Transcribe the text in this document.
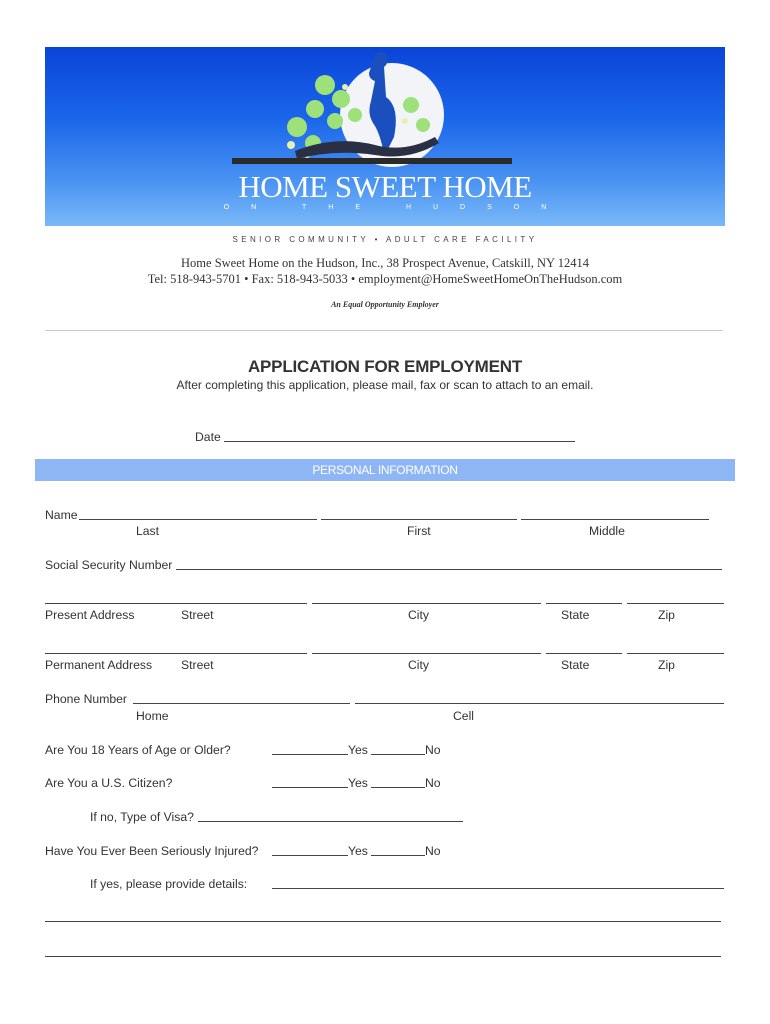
HOME SWEET HOME
ON THE HUDSON
SENIOR COMMUNITY • ADULT CARE FACILITY
Home Sweet Home on the Hudson, Inc., 38 Prospect Avenue, Catskill, NY 12414
Tel: 518-943-5701 • Fax: 518-943-5033 • employment@HomeSweetHomeOnTheHudson.com
An Equal Opportunity Employer
APPLICATION FOR EMPLOYMENT
After completing this application, please mail, fax or scan to attach to an email.
Date
PERSONAL INFORMATION
Name
Last	First	Middle
Social Security Number
Present Address	Street	City	State	Zip
Permanent Address Street	City	State	Zip
Phone Number
Home	Cell
Are You 18 Years of Age or Older?	Yes	No
Are You a U.S. Citizen?	Yes	No
If no, Type of Visa?
Have You Ever Been Seriously Injured?	Yes	No
If yes, please provide details:
